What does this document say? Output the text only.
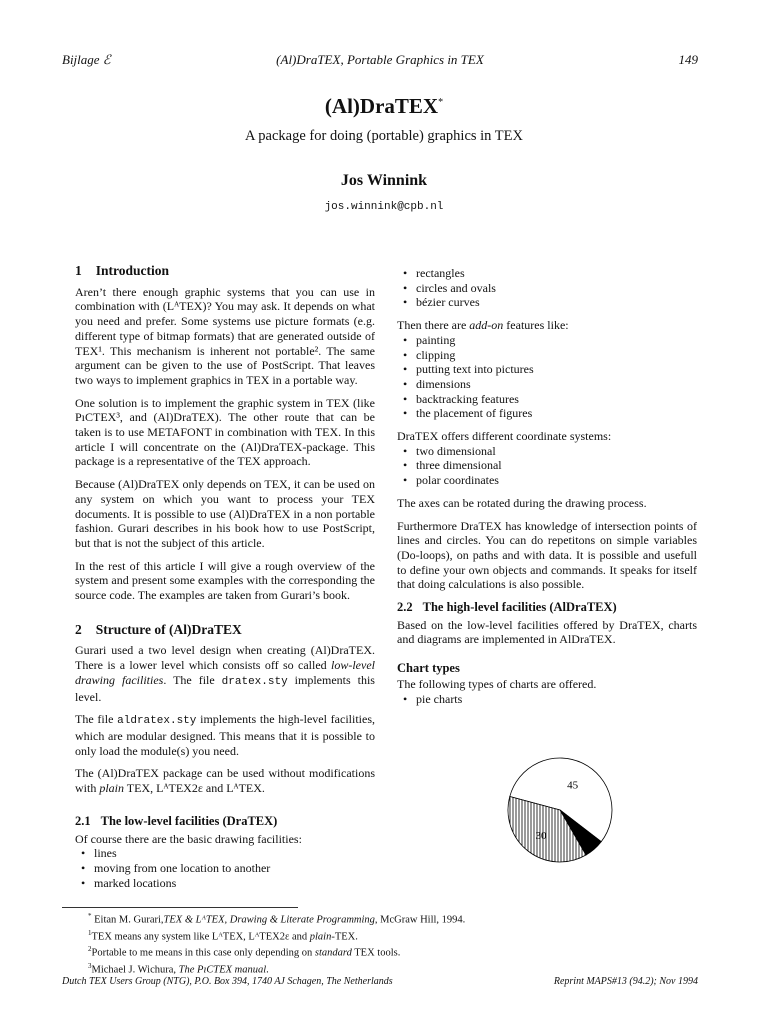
Bijlage ℰ	(Al)DraTΕX, Portable Graphics in TΕX	149
(Al)DraTΕX*
A package for doing (portable) graphics in TΕX
Jos Winnink
jos.winnink@cpb.nl
1 Introduction

Aren’t there enough graphic systems that you can use in combination with (LᴬTΕX)? You may ask. It depends on what you need and prefer. Some systems use picture formats (e.g. different type of bitmap formats) that are generated outside of TΕX¹. This mechanism is inherent not portable². The same argument can be given to the use of PostScript. That leaves two ways to implement graphics in TΕX in a portable way.

One solution is to implement the graphic system in TΕX (like PıCTΕX³, and (Al)DraTΕX). The other route that can be taken is to use METAFONT in combination with TΕX. In this article I will concentrate on the (Al)DraTΕX-package. This package is a representative of the TΕX approach.

Because (Al)DraTΕX only depends on TΕX, it can be used on any system on which you want to process your TΕX documents. It is possible to use (Al)DraTΕX in a non portable fashion. Gurari describes in his book how to use PostScript, but that is not the subject of this article.

In the rest of this article I will give a rough overview of the system and present some examples with the corresponding the source code. The examples are taken from Gurari’s book.

2 Structure of (Al)DraTΕX

Gurari used a two level design when creating (Al)DraTΕX. There is a lower level which consists off so called low-level drawing facilities. The file dratex.sty implements this level.

The file aldratex.sty implements the high-level facilities, which are modular designed. This means that it is possible to only load the module(s) you need.

The (Al)DraTΕX package can be used without modifications with plain TΕX, LᴬTΕX2ε and LᴬTΕX.

2.1 The low-level facilities (DraTΕX)
Of course there are the basic drawing facilities:
• lines
• moving from one location to another
• marked locations
• rectangles
• circles and ovals
• bézier curves
Then there are add-on features like:
• painting
• clipping
• putting text into pictures
• dimensions
• backtracking features
• the placement of figures
DraTΕX offers different coordinate systems:
• two dimensional
• three dimensional
• polar coordinates

The axes can be rotated during the drawing process.

Furthermore DraTΕX has knowledge of intersection points of lines and circles. You can do repetitons on simple variables (Do-loops), on paths and with data. It is possible and usefull to define your own objects and commands. It speaks for itself that doing calculations is also possible.

2.2 The high-level facilities (AlDraTΕX)

Based on the low-level facilities offered by DraTΕX, charts and diagrams are implemented in AlDraTΕX.

Chart types
The following types of charts are offered.
• pie charts
45
5
30
* Eitan M. Gurari,TΕX & LᴬTΕX, Drawing & Literate Programming, McGraw Hill, 1994.
$^1$TΕX means any system like LᴬTΕX, LᴬTΕX2ε and plain-TΕX.
$^2$Portable to me means in this case only depending on standard TΕX tools.
$^3$Michael J. Wichura, The PıCTΕX manual.
Dutch TΕX Users Group (NTG), P.O. Box 394, 1740 AJ Schagen, The Netherlands	Reprint MAPS#13 (94.2); Nov 1994
